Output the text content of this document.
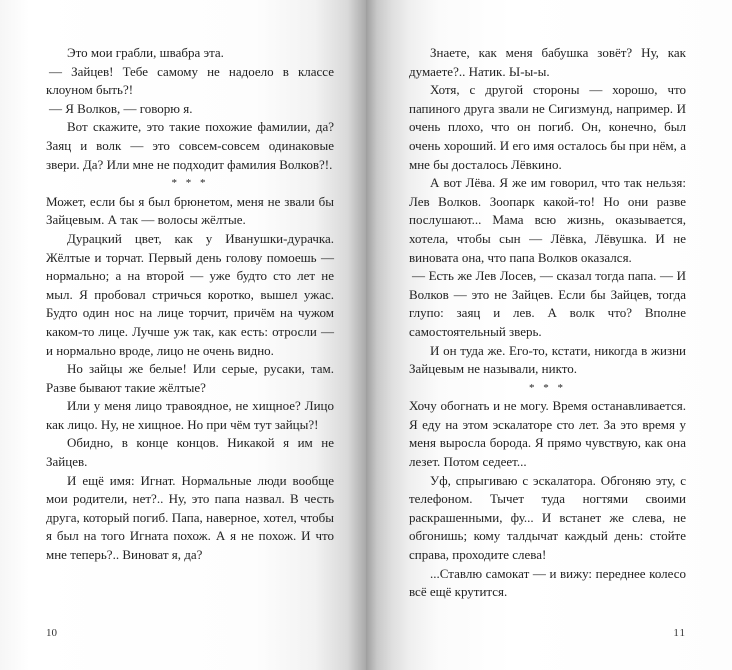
Это мои грабли, швабра эта.

— Зайцев! Тебе самому не надоело в классе клоуном быть?!

— Я Волков, — говорю я.

Вот скажите, это такие похожие фамилии, да? Заяц и волк — это совсем-совсем одинаковые звери. Да? Или мне не подходит фамилия Волков?!.

* * *

Может, если бы я был брюнетом, меня не звали бы Зайцевым. А так — волосы жёлтые.

Дурацкий цвет, как у Иванушки-дурачка. Жёлтые и торчат. Первый день голову помоешь — нормально; а на второй — уже будто сто лет не мыл. Я пробовал стричься коротко, вышел ужас. Будто один нос на лице торчит, причём на чужом каком-то лице. Лучше уж так, как есть: отросли — и нормально вроде, лицо не очень видно.

Но зайцы же белые! Или серые, русаки, там. Разве бывают такие жёлтые?

Или у меня лицо травоядное, не хищное? Лицо как лицо. Ну, не хищное. Но при чём тут зайцы?!

Обидно, в конце концов. Никакой я им не Зайцев.

И ещё имя: Игнат. Нормальные люди вообще мои родители, нет?.. Ну, это папа назвал. В честь друга, который погиб. Папа, наверное, хотел, чтобы я был на того Игната похож. А я не похож. И что мне теперь?.. Виноват я, да?

10

Знаете, как меня бабушка зовёт? Ну, как думаете?.. Натик. Ы-ы-ы.

Хотя, с другой стороны — хорошо, что папиного друга звали не Сигизмунд, например. И очень плохо, что он погиб. Он, конечно, был очень хороший. И его имя осталось бы при нём, а мне бы досталось Лёвкино.

А вот Лёва. Я же им говорил, что так нельзя: Лев Волков. Зоопарк какой-то! Но они разве послушают... Мама всю жизнь, оказывается, хотела, чтобы сын — Лёвка, Лёвушка. И не виновата она, что папа Волков оказался.

— Есть же Лев Лосев, — сказал тогда папа. — И Волков — это не Зайцев. Если бы Зайцев, тогда глупо: заяц и лев. А волк что? Вполне самостоятельный зверь.

И он туда же. Его-то, кстати, никогда в жизни Зайцевым не называли, никто.

* * *

Хочу обогнать и не могу. Время останавливается. Я еду на этом эскалаторе сто лет. За это время у меня выросла борода. Я прямо чувствую, как она лезет. Потом седеет...

Уф, спрыгиваю с эскалатора. Обгоняю эту, с телефоном. Тычет туда ногтями своими раскрашенными, фу... И встанет же слева, не обгонишь; кому талдычат каждый день: стойте справа, проходите слева!

...Ставлю самокат — и вижу: переднее колесо всё ещё крутится.

11
